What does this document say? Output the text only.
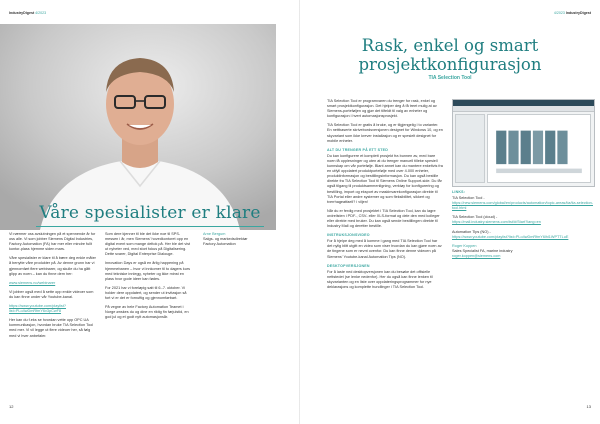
IndustryDigest 4/2023
Våre spesialister er klare

Vi nærmer oss avslutningen på et spennende år for oss alle. Vi som jobber Siemens Digital Industries, Factory Automation (FA) har mer eller mindre fullt kontor-plass hjemme siden mars.

Våre spesialister er klare til å bære deg enkle måter å benytte våre produkter på. Av denne grunn har vi gjennomført flere webinarer, og skulle du ha gått glipp av noen – kan du finne dem her:

www.siemens.no/webinarer

Vi jobber også med å sette opp enkle videoer som du kan finne under vår Youtube-kanal.

https://www.youtube.com/playlist?list=PLo4wDmRfmY6v3pCwF8

Her kan du f.eks se hvordan vette opp OPC UA kommunikasjon, hvordan bruke TIA Selection Tool med mer. Vi vil legge ut flere videoer her, så følg med vi hver anbefaler.

Som dere kjenner til ble det ikke noe til SPS-messen i år, men Siemens' hovedkontoret opp en digital event som mange deltok på. Her ble det vist ut nyheter ved, med stort fokus på Digitalisering. Dette svarer, Digital Enterprise Dialouge.

Innovation Days er også en årlig happening på hjemmebanen – hvor vi innkomer til to dagers kurs med tekniske innlegg, nyheter og ikke minst en plass hvor gode ideer kan fødes.

For 2021 har vi foreløpig satt til 6.-7. oktober. Vi holder dere oppdatert, og sender ut invitasjon så fort vi er det er fornuftig og gjennomførbart.

På vegne av hele Factory Automation Teamet i Norge ønskes du og dine en riktig fin førjulstid, en god jul og et godt nytt automasjonsår.

Arne Bergum
Salgs- og markedsdirektør
Factory Automation
12
4/2023 IndustryDigest
13
Rask, enkel og smart
prosjektkonfigurasjon
TIA Selection Tool

TIA Selection Tool er programvaren du trenger for rask, enkel og smart prosjektkonfigurasjon. Det hjelper deg å få treet mulig at av Siemens-porteføljen og gjør det tilfeldt til valg av enheter og konfigurasjon i hvert automasjonsprosjekt.

TIA Selection Tool er gratis å bruke, og er tilgjengelig i to varianter. En nettbaserte skrivebordsversjonen designet for Windows 10, og en skyvariant som ikke krever installasjon og er spesielt designet for mobile enheter.

ALT DU TRENGER PÅ ETT STED

Du kan konfigurere et komplett prosjekt fra bunnen av, med bare noen få opplesninger og uten at du trenger manuell tilleke spesiell kunnskap om vår portefølje. Blant annet kan du mantere enkeltvis fra en utfyll oppdatert produktportefølje med over 4.000 enheter, produktinformasjon og bestillingsinformasjon. Du kan også bestille direkte fra TIA Selection Tool til Siemens Online Support-side. Du får også tilgang til produktsammenligning, verktøy for konfigurering og bestilling, import og eksport av maskinvarekonfigurasjon direkte til TIA Portal eller andre systemer og som fleksibilitet, sikkert og tverrhageatfaell? i viljen!

Når du er ferdig med prosjektet i TIA Selection Tool, kan du lagre ordrelisten i PDF-, CSV- eller XLS-format og dele den med kolleger eller direkte med bruker. Du kan også sende bestillingen direkte til Industry Mall og deretter bestille.

INSTRUKSJONSVIDEO

For å hjelpe deg med å komme i gang med TIA Selection Tool har det nylig blitt utgitt en video som viser hvordan du kan gjøre noen av de tingene som er nevnt ovenfor. Du kan finne denne videoen på Siemens' Youtube-kanal Automation Tips (NO).

DESKTOPVERSJONEN

For å laste ned desktopversjonen kan du besøke det offisielle nettstedet (se lenke nedenfor). Her du også kan finne lenken til skyvarianten og en liste over oppdateringsprogrammer for nye deklarasjons og komplette hundlinger i TIA Selection Tool.

LINKS:
TIA Selection Tool -

https://new.siemens.com/global/en/products/automation/topic-areas/tia/tia-selection-tool.html

TIA Selection Tool (cloud) -

https://mall.industry.siemens.com/tst/#/Start?lang=en

Automation Tips (NO) -

https://www.youtube.com/playlist?list=PLo4wDmRfmY6lhl1WPTTLuE

Roger Koppen
Sales Specialist FA, marine industry
roger.koppen@siemens.com
